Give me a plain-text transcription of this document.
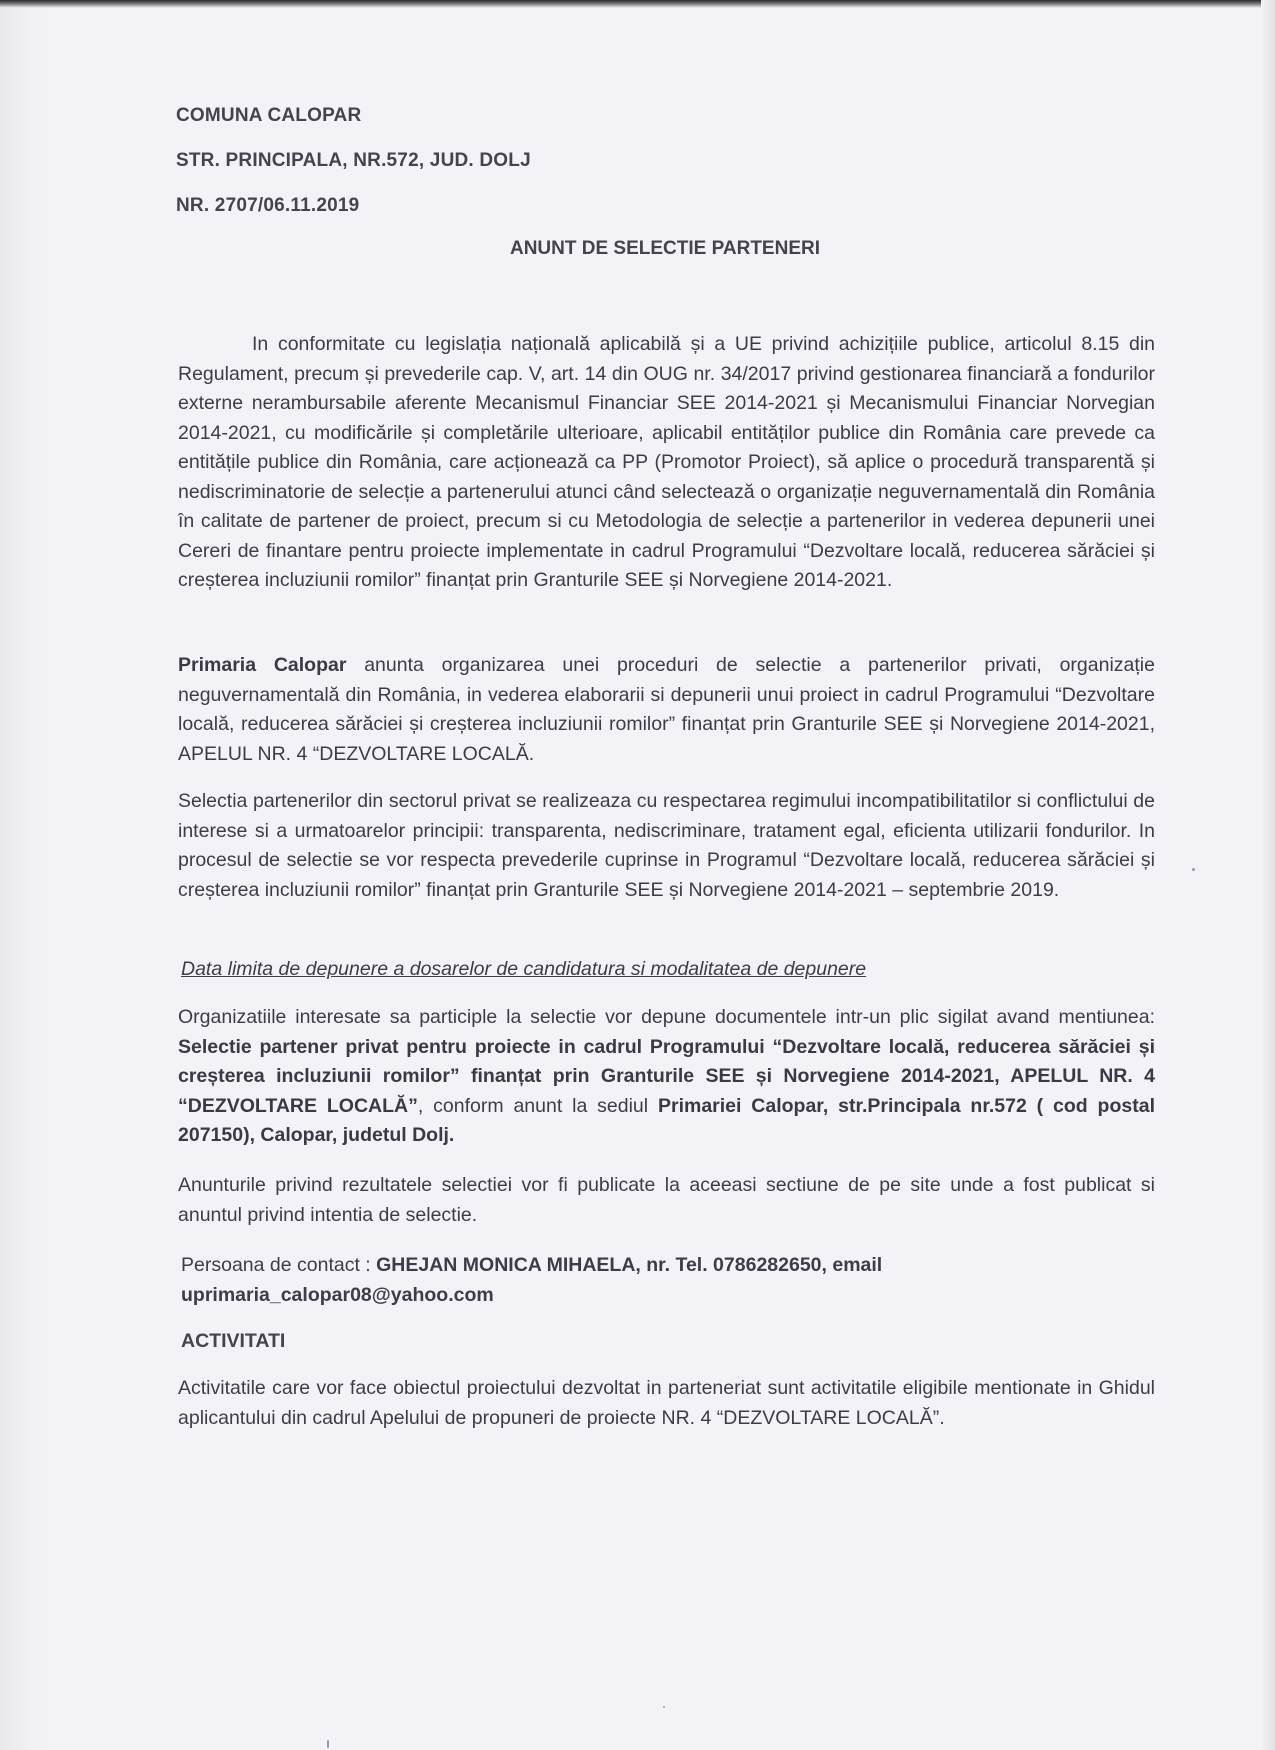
COMUNA CALOPAR
STR. PRINCIPALA, NR.572, JUD. DOLJ
NR. 2707/06.11.2019
ANUNT DE SELECTIE PARTENERI
In conformitate cu legislația națională aplicabilă și a UE privind achizițiile publice, articolul 8.15 din Regulament, precum și prevederile cap. V, art. 14 din OUG nr. 34/2017 privind gestionarea financiară a fondurilor externe nerambursabile aferente Mecanismul Financiar SEE 2014-2021 și Mecanismului Financiar Norvegian 2014-2021, cu modificările și completările ulterioare, aplicabil entităților publice din România care prevede ca entitățile publice din România, care acționează ca PP (Promotor Proiect), să aplice o procedură transparentă și nediscriminatorie de selecție a partenerului atunci când selectează o organizație neguvernamentală din România în calitate de partener de proiect, precum si cu Metodologia de selecție a partenerilor in vederea depunerii unei Cereri de finantare pentru proiecte implementate in cadrul Programului “Dezvoltare locală, reducerea sărăciei și creșterea incluziunii romilor” finanțat prin Granturile SEE și Norvegiene 2014-2021.
Primaria Calopar anunta organizarea unei proceduri de selectie a partenerilor privati, organizație neguvernamentală din România, in vederea elaborarii si depunerii unui proiect in cadrul Programului “Dezvoltare locală, reducerea sărăciei și creșterea incluziunii romilor” finanțat prin Granturile SEE și Norvegiene 2014-2021, APELUL NR. 4 “DEZVOLTARE LOCALĂ.
Selectia partenerilor din sectorul privat se realizeaza cu respectarea regimului incompatibilitatilor si conflictului de interese si a urmatoarelor principii: transparenta, nediscriminare, tratament egal, eficienta utilizarii fondurilor. In procesul de selectie se vor respecta prevederile cuprinse in Programul “Dezvoltare locală, reducerea sărăciei și creșterea incluziunii romilor” finanțat prin Granturile SEE și Norvegiene 2014-2021 – septembrie 2019.
Data limita de depunere a dosarelor de candidatura si modalitatea de depunere
Organizatiile interesate sa participle la selectie vor depune documentele intr-un plic sigilat avand mentiunea: Selectie partener privat pentru proiecte in cadrul Programului “Dezvoltare locală, reducerea sărăciei și creșterea incluziunii romilor” finanțat prin Granturile SEE și Norvegiene 2014-2021, APELUL NR. 4 “DEZVOLTARE LOCALĂ”, conform anunt la sediul Primariei Calopar, str.Principala nr.572 ( cod postal 207150), Calopar, judetul Dolj.
Anunturile privind rezultatele selectiei vor fi publicate la aceeasi sectiune de pe site unde a fost publicat si anuntul privind intentia de selectie.
Persoana de contact : GHEJAN MONICA MIHAELA, nr. Tel. 0786282650, email
uprimaria_calopar08@yahoo.com
ACTIVITATI
Activitatile care vor face obiectul proiectului dezvoltat in parteneriat sunt activitatile eligibile mentionate in Ghidul aplicantului din cadrul Apelului de propuneri de proiecte NR. 4 “DEZVOLTARE LOCALĂ”.
